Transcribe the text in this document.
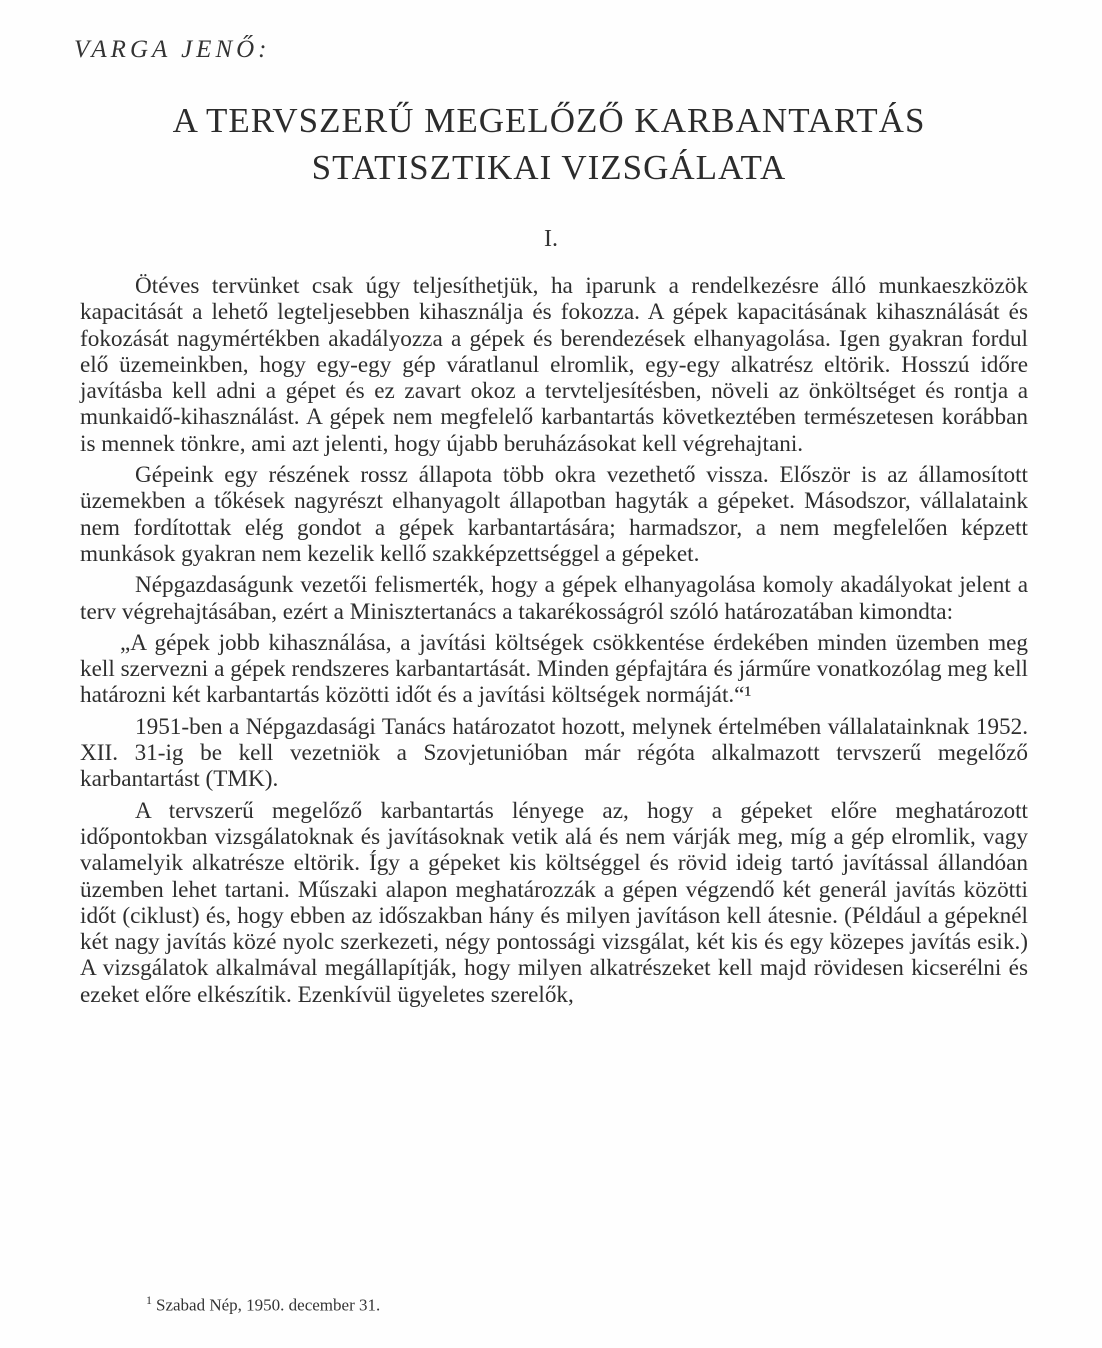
VARGA JENŐ:
A TERVSZERŰ MEGELŐZŐ KARBANTARTÁS
STATISZTIKAI VIZSGÁLATA
I.

Ötéves tervünket csak úgy teljesíthetjük, ha iparunk a rendelkezésre álló munkaeszközök kapacitását a lehető legteljesebben kihasználja és fokozza. A gépek kapacitásának kihasználását és fokozását nagymértékben akadályozza a gépek és berendezések elhanyagolása. Igen gyakran fordul elő üzemeinkben, hogy egy-egy gép váratlanul elromlik, egy-egy alkatrész eltörik. Hosszú időre javításba kell adni a gépet és ez zavart okoz a tervteljesítésben, növeli az önköltséget és rontja a munkaidő-kihasználást. A gépek nem megfelelő karbantartás következtében természetesen korábban is mennek tönkre, ami azt jelenti, hogy újabb beruházásokat kell végrehajtani.

Gépeink egy részének rossz állapota több okra vezethető vissza. Először is az államosított üzemekben a tőkések nagyrészt elhanyagolt állapotban hagyták a gépeket. Másodszor, vállalataink nem fordítottak elég gondot a gépek karbantartására; harmadszor, a nem megfelelően képzett munkások gyakran nem kezelik kellő szakképzettséggel a gépeket.

Népgazdaságunk vezetői felismerték, hogy a gépek elhanyagolása komoly akadályokat jelent a terv végrehajtásában, ezért a Minisztertanács a takarékosságról szóló határozatában kimondta:

„A gépek jobb kihasználása, a javítási költségek csökkentése érdekében minden üzemben meg kell szervezni a gépek rendszeres karbantartását. Minden gépfajtára és járműre vonatkozólag meg kell határozni két karbantartás közötti időt és a javítási költségek normáját.“¹

1951-ben a Népgazdasági Tanács határozatot hozott, melynek értelmében vállalatainknak 1952. XII. 31-ig be kell vezetniök a Szovjetunióban már régóta alkalmazott tervszerű megelőző karbantartást (TMK).

A tervszerű megelőző karbantartás lényege az, hogy a gépeket előre meghatározott időpontokban vizsgálatoknak és javításoknak vetik alá és nem várják meg, míg a gép elromlik, vagy valamelyik alkatrésze eltörik. Így a gépeket kis költséggel és rövid ideig tartó javítással állandóan üzemben lehet tartani. Műszaki alapon meghatározzák a gépen végzendő két generál javítás közötti időt (ciklust) és, hogy ebben az időszakban hány és milyen javításon kell átesnie. (Például a gépeknél két nagy javítás közé nyolc szerkezeti, négy pontossági vizsgálat, két kis és egy közepes javítás esik.) A vizsgálatok alkalmával megállapítják, hogy milyen alkatrészeket kell majd rövidesen kicserélni és ezeket előre elkészítik. Ezenkívül ügyeletes szerelők,

$^1$ Szabad Nép, 1950. december 31.
